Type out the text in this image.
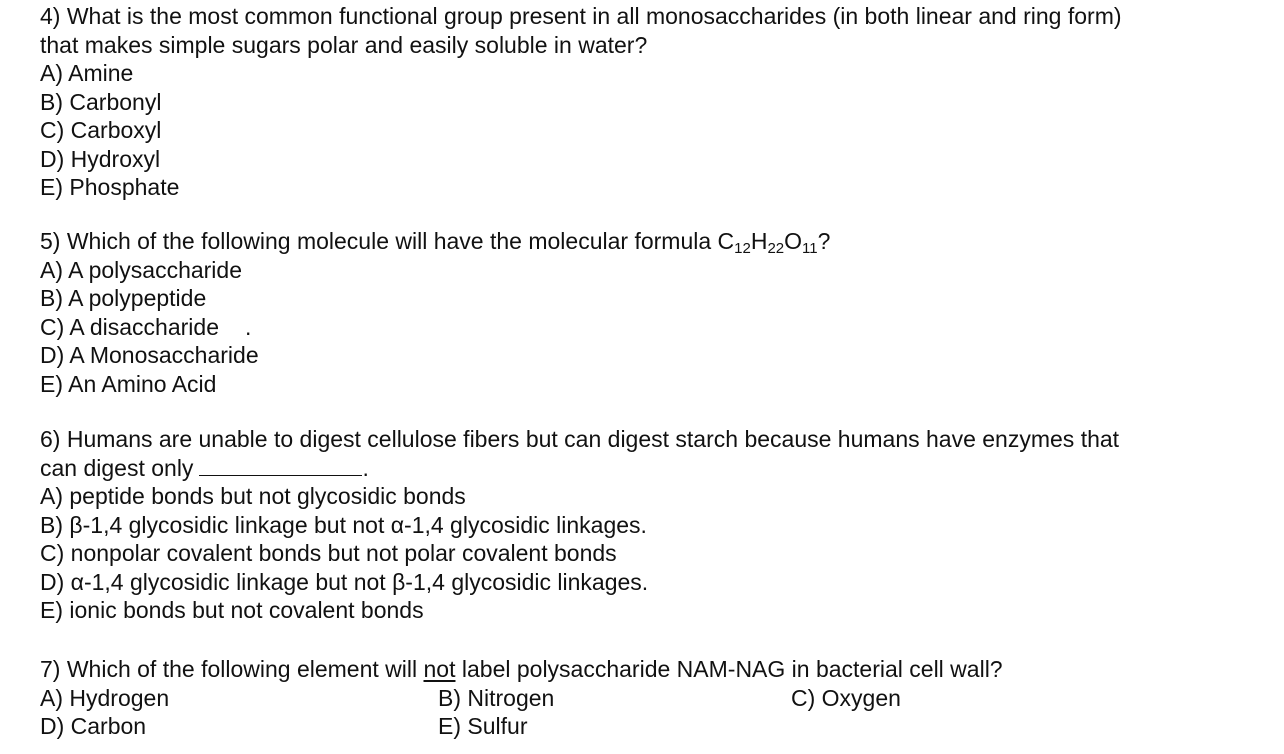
4) What is the most common functional group present in all monosaccharides (in both linear and ring form)
that makes simple sugars polar and easily soluble in water?
A) Amine
B) Carbonyl
C) Carboxyl
D) Hydroxyl
E) Phosphate
5) Which of the following molecule will have the molecular formula $C_{12}H_{22}O_{11}$?
A) A polysaccharide
B) A polypeptide
C) A disaccharide .
D) A Monosaccharide
E) An Amino Acid
6) Humans are unable to digest cellulose fibers but can digest starch because humans have enzymes that
can digest only	.
A) peptide bonds but not glycosidic bonds
B) β-1,4 glycosidic linkage but not α-1,4 glycosidic linkages.
C) nonpolar covalent bonds but not polar covalent bonds
D) α-1,4 glycosidic linkage but not β-1,4 glycosidic linkages.
E) ionic bonds but not covalent bonds
7) Which of the following element will not label polysaccharide NAM-NAG in bacterial cell wall?
A) Hydrogen	B) Nitrogen	C) Oxygen
D) Carbon	E) Sulfur
